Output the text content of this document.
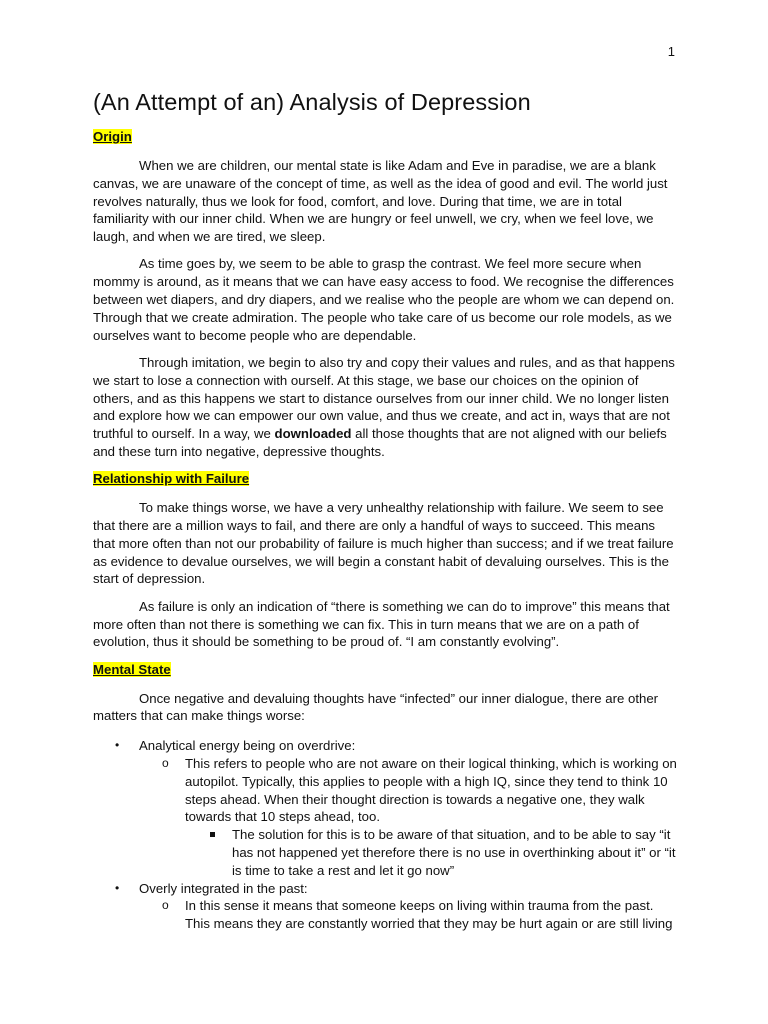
1
(An Attempt of an) Analysis of Depression
Origin

When we are children, our mental state is like Adam and Eve in paradise, we are a blank canvas, we are unaware of the concept of time, as well as the idea of good and evil. The world just revolves naturally, thus we look for food, comfort, and love. During that time, we are in total familiarity with our inner child. When we are hungry or feel unwell, we cry, when we feel love, we laugh, and when we are tired, we sleep.

As time goes by, we seem to be able to grasp the contrast. We feel more secure when mommy is around, as it means that we can have easy access to food. We recognise the differences between wet diapers, and dry diapers, and we realise who the people are whom we can depend on. Through that we create admiration. The people who take care of us become our role models, as we ourselves want to become people who are dependable.

Through imitation, we begin to also try and copy their values and rules, and as that happens we start to lose a connection with ourself. At this stage, we base our choices on the opinion of others, and as this happens we start to distance ourselves from our inner child. We no longer listen and explore how we can empower our own value, and thus we create, and act in, ways that are not truthful to ourself. In a way, we downloaded all those thoughts that are not aligned with our beliefs and these turn into negative, depressive thoughts.

Relationship with Failure

To make things worse, we have a very unhealthy relationship with failure. We seem to see that there are a million ways to fail, and there are only a handful of ways to succeed. This means that more often than not our probability of failure is much higher than success; and if we treat failure as evidence to devalue ourselves, we will begin a constant habit of devaluing ourselves. This is the start of depression.

As failure is only an indication of “there is something we can do to improve” this means that more often than not there is something we can fix. This in turn means that we are on a path of evolution, thus it should be something to be proud of. “I am constantly evolving”.

Mental State

Once negative and devaluing thoughts have “infected” our inner dialogue, there are other matters that can make things worse:

• Analytical energy being on overdrive:
o This refers to people who are not aware on their logical thinking, which is working on autopilot. Typically, this applies to people with a high IQ, since they tend to think 10 steps ahead. When their thought direction is towards a negative one, they walk towards that 10 steps ahead, too.
The solution for this is to be aware of that situation, and to be able to say “it has not happened yet therefore there is no use in overthinking about it” or “it is time to take a rest and let it go now”
• Overly integrated in the past:
o In this sense it means that someone keeps on living within trauma from the past. This means they are constantly worried that they may be hurt again or are still living
